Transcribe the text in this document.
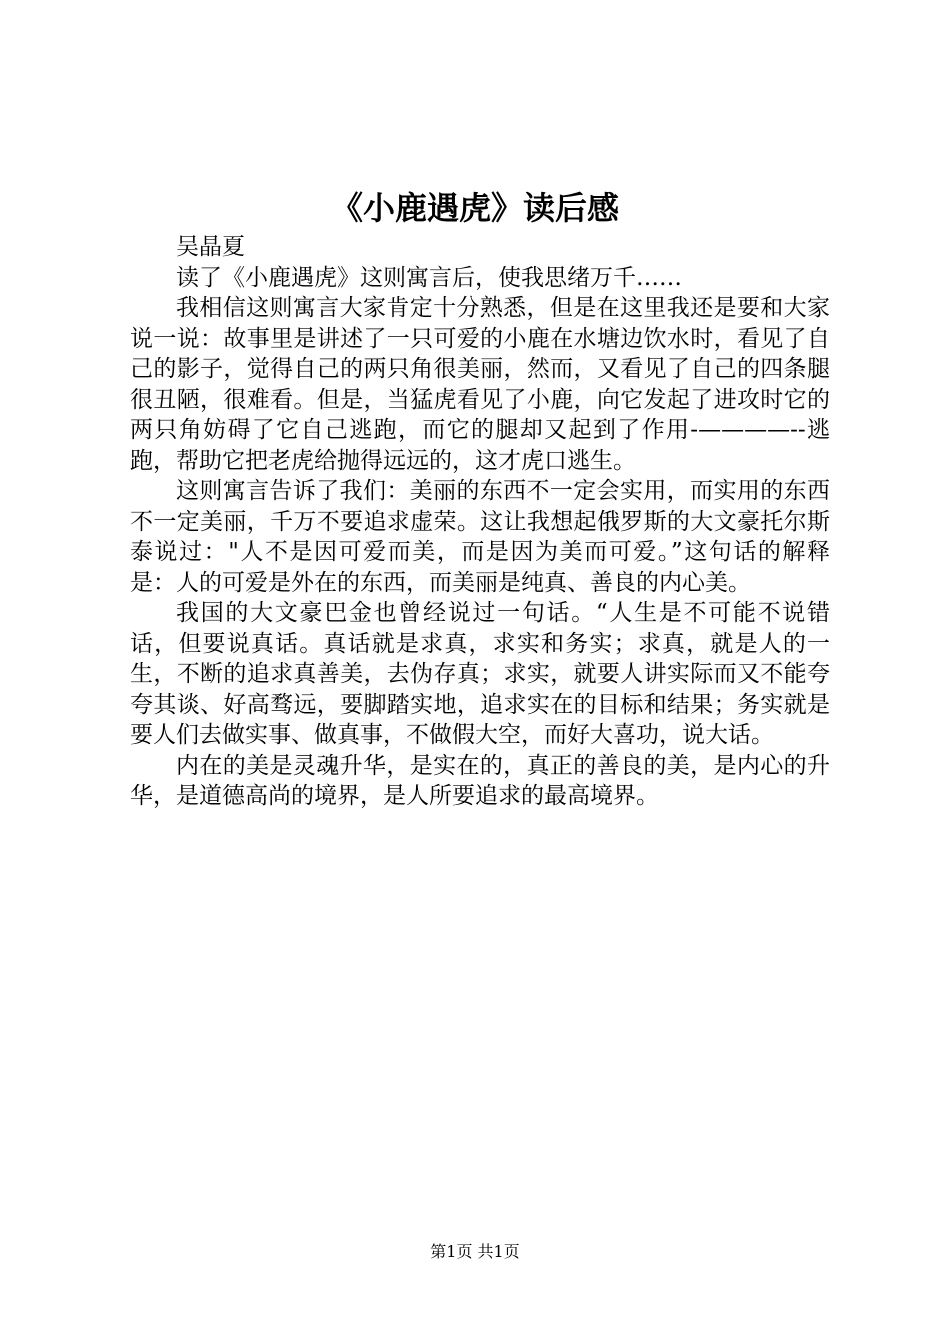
《小鹿遇虎》读后感

吴晶夏

读了《小鹿遇虎》这则寓言后，使我思绪万千……

我相信这则寓言大家肯定十分熟悉，但是在这里我还是要和大家说一说：故事里是讲述了一只可爱的小鹿在水塘边饮水时，看见了自己的影子，觉得自己的两只角很美丽，然而，又看见了自己的四条腿很丑陋，很难看。但是，当猛虎看见了小鹿，向它发起了进攻时它的两只角妨碍了它自己逃跑，而它的腿却又起到了作用-————--逃跑，帮助它把老虎给抛得远远的，这才虎口逃生。

这则寓言告诉了我们：美丽的东西不一定会实用，而实用的东西不一定美丽，千万不要追求虚荣。这让我想起俄罗斯的大文豪托尔斯泰说过："人不是因可爱而美，而是因为美而可爱。”这句话的解释是：人的可爱是外在的东西，而美丽是纯真、善良的内心美。

我国的大文豪巴金也曾经说过一句话。“人生是不可能不说错话，但要说真话。真话就是求真，求实和务实；求真，就是人的一生，不断的追求真善美，去伪存真；求实，就要人讲实际而又不能夸夸其谈、好高骛远，要脚踏实地，追求实在的目标和结果；务实就是要人们去做实事、做真事，不做假大空，而好大喜功，说大话。

内在的美是灵魂升华，是实在的，真正的善良的美，是内心的升华，是道德高尚的境界，是人所要追求的最高境界。

第1页 共1页
